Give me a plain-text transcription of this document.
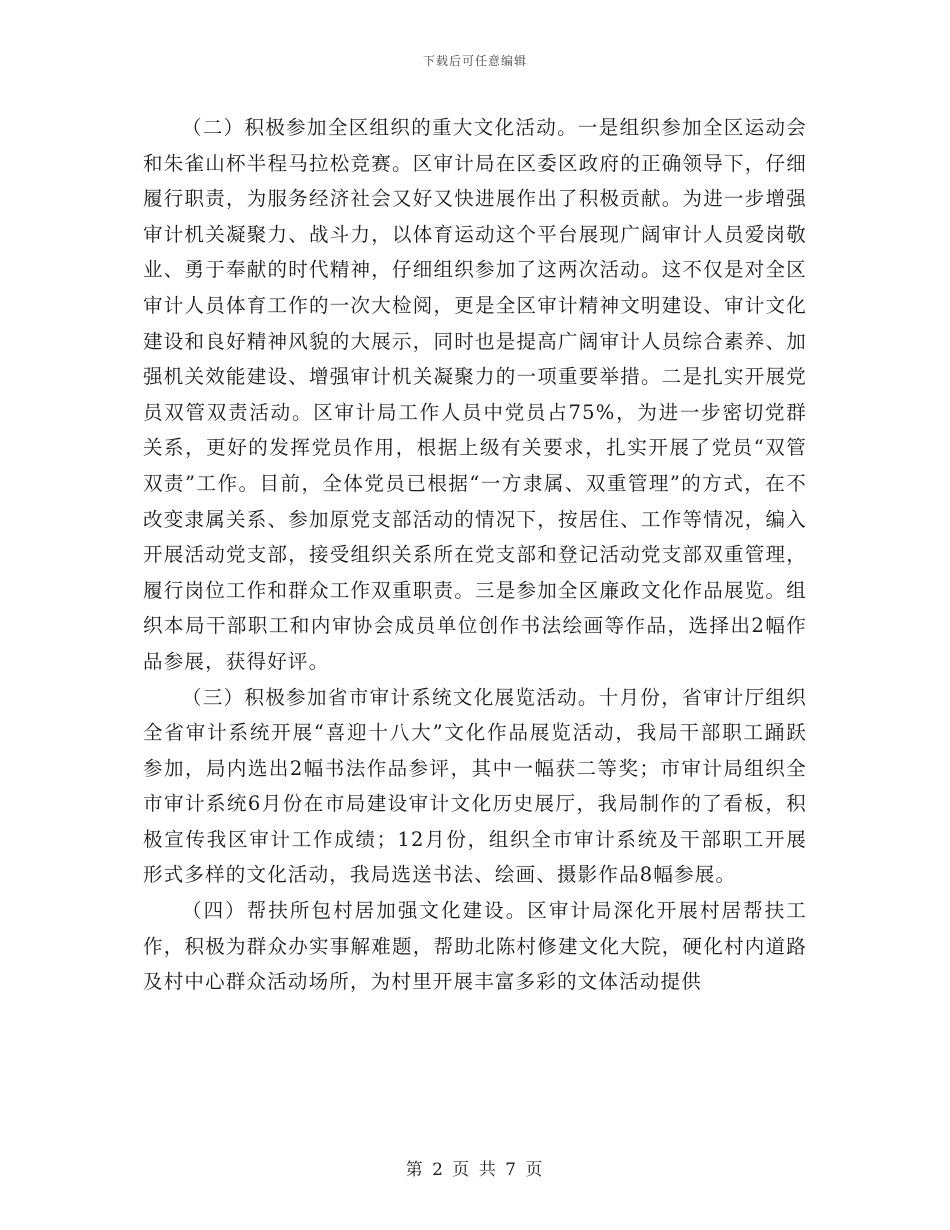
下载后可任意编辑

（二）积极参加全区组织的重大文化活动。一是组织参加全区运动会和朱雀山杯半程马拉松竞赛。区审计局在区委区政府的正确领导下，仔细履行职责，为服务经济社会又好又快进展作出了积极贡献。为进一步增强审计机关凝聚力、战斗力，以体育运动这个平台展现广阔审计人员爱岗敬业、勇于奉献的时代精神，仔细组织参加了这两次活动。这不仅是对全区审计人员体育工作的一次大检阅，更是全区审计精神文明建设、审计文化建设和良好精神风貌的大展示，同时也是提高广阔审计人员综合素养、加强机关效能建设、增强审计机关凝聚力的一项重要举措。二是扎实开展党员双管双责活动。区审计局工作人员中党员占75%，为进一步密切党群关系，更好的发挥党员作用，根据上级有关要求，扎实开展了党员“双管双责”工作。目前，全体党员已根据“一方隶属、双重管理”的方式，在不改变隶属关系、参加原党支部活动的情况下，按居住、工作等情况，编入开展活动党支部，接受组织关系所在党支部和登记活动党支部双重管理，履行岗位工作和群众工作双重职责。三是参加全区廉政文化作品展览。组织本局干部职工和内审协会成员单位创作书法绘画等作品，选择出2幅作品参展，获得好评。

（三）积极参加省市审计系统文化展览活动。十月份，省审计厅组织全省审计系统开展“喜迎十八大”文化作品展览活动，我局干部职工踊跃参加，局内选出2幅书法作品参评，其中一幅获二等奖；市审计局组织全市审计系统6月份在市局建设审计文化历史展厅，我局制作的了看板，积极宣传我区审计工作成绩；12月份，组织全市审计系统及干部职工开展形式多样的文化活动，我局选送书法、绘画、摄影作品8幅参展。

（四）帮扶所包村居加强文化建设。区审计局深化开展村居帮扶工作，积极为群众办实事解难题，帮助北陈村修建文化大院，硬化村内道路及村中心群众活动场所，为村里开展丰富多彩的文体活动提供

第 2 页 共 7 页
